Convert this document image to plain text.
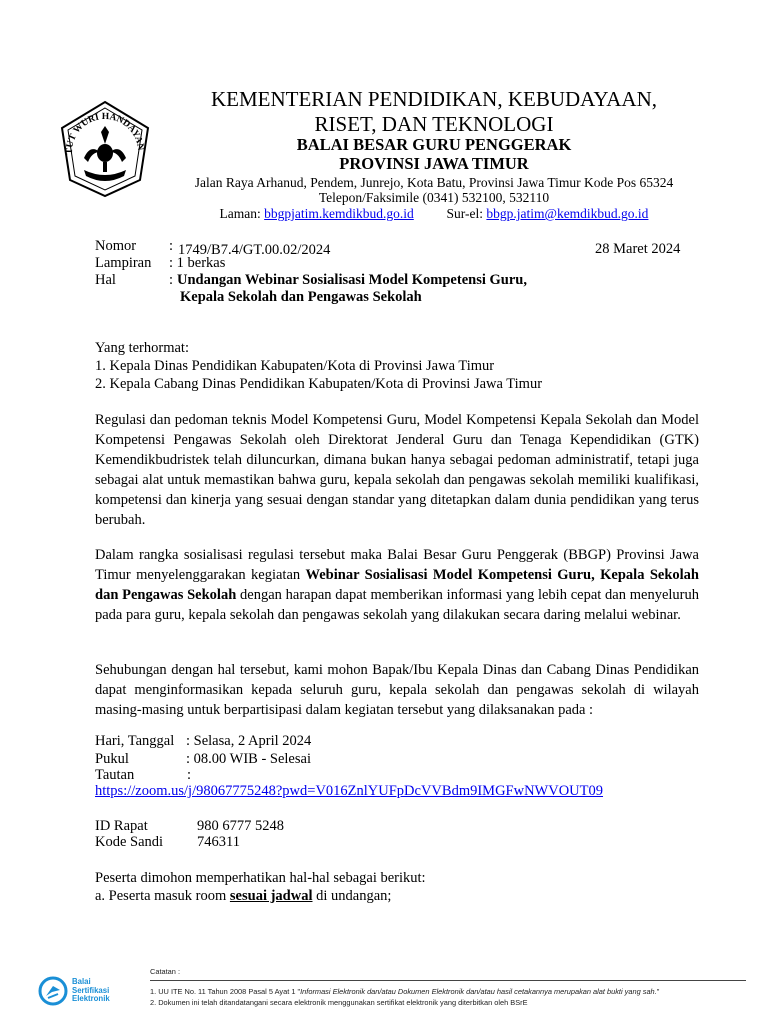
TUT WURI HANDAYAN
KEMENTERIAN PENDIDIKAN, KEBUDAYAAN,
RISET, DAN TEKNOLOGI
BALAI BESAR GURU PENGGERAK
PROVINSI JAWA TIMUR
Jalan Raya Arhanud, Pendem, Junrejo, Kota Batu, Provinsi Jawa Timur Kode Pos 65324
Telepon/Faksimile (0341) 532100, 532110
Laman: bbgpjatim.kemdikbud.go.id Sur-el: bbgp.jatim@kemdikbud.go.id
Nomor : 1749/B7.4/GT.00.02/2024	28 Maret 2024
Lampiran : 1 berkas
Hal	: Undangan Webinar Sosialisasi Model Kompetensi Guru,
Kepala Sekolah dan Pengawas Sekolah
Yang terhormat:
1. Kepala Dinas Pendidikan Kabupaten/Kota di Provinsi Jawa Timur
2. Kepala Cabang Dinas Pendidikan Kabupaten/Kota di Provinsi Jawa Timur
Regulasi dan pedoman teknis Model Kompetensi Guru, Model Kompetensi Kepala Sekolah dan Model Kompetensi Pengawas Sekolah oleh Direktorat Jenderal Guru dan Tenaga Kependidikan (GTK) Kemendikbudristek telah diluncurkan, dimana bukan hanya sebagai pedoman administratif, tetapi juga sebagai alat untuk memastikan bahwa guru, kepala sekolah dan pengawas sekolah memiliki kualifikasi, kompetensi dan kinerja yang sesuai dengan standar yang ditetapkan dalam dunia pendidikan yang terus berubah.
Dalam rangka sosialisasi regulasi tersebut maka Balai Besar Guru Penggerak (BBGP) Provinsi Jawa Timur menyelenggarakan kegiatan Webinar Sosialisasi Model Kompetensi Guru, Kepala Sekolah dan Pengawas Sekolah dengan harapan dapat memberikan informasi yang lebih cepat dan menyeluruh pada para guru, kepala sekolah dan pengawas sekolah yang dilakukan secara daring melalui webinar.
Sehubungan dengan hal tersebut, kami mohon Bapak/Ibu Kepala Dinas dan Cabang Dinas Pendidikan dapat menginformasikan kepada seluruh guru, kepala sekolah dan pengawas sekolah di wilayah masing-masing untuk berpartisipasi dalam kegiatan tersebut yang dilaksanakan pada :
Hari, Tanggal : Selasa, 2 April 2024
Pukul	: 08.00 WIB - Selesai
Tautan	:
https://zoom.us/j/98067775248?pwd=V016ZnlYUFpDcVVBdm9IMGFwNWVOUT09
ID Rapat	980 6777 5248
Kode Sandi 746311
Peserta dimohon memperhatikan hal-hal sebagai berikut:
a. Peserta masuk room sesuai jadwal di undangan;
Balai
Sertifikasi
Elektronik
Catatan :
1. UU ITE No. 11 Tahun 2008 Pasal 5 Ayat 1 "Informasi Elektronik dan/atau Dokumen Elektronik dan/atau hasil cetakannya merupakan alat bukti yang sah."
2. Dokumen ini telah ditandatangani secara elektronik menggunakan sertifikat elektronik yang diterbitkan oleh BSrE
